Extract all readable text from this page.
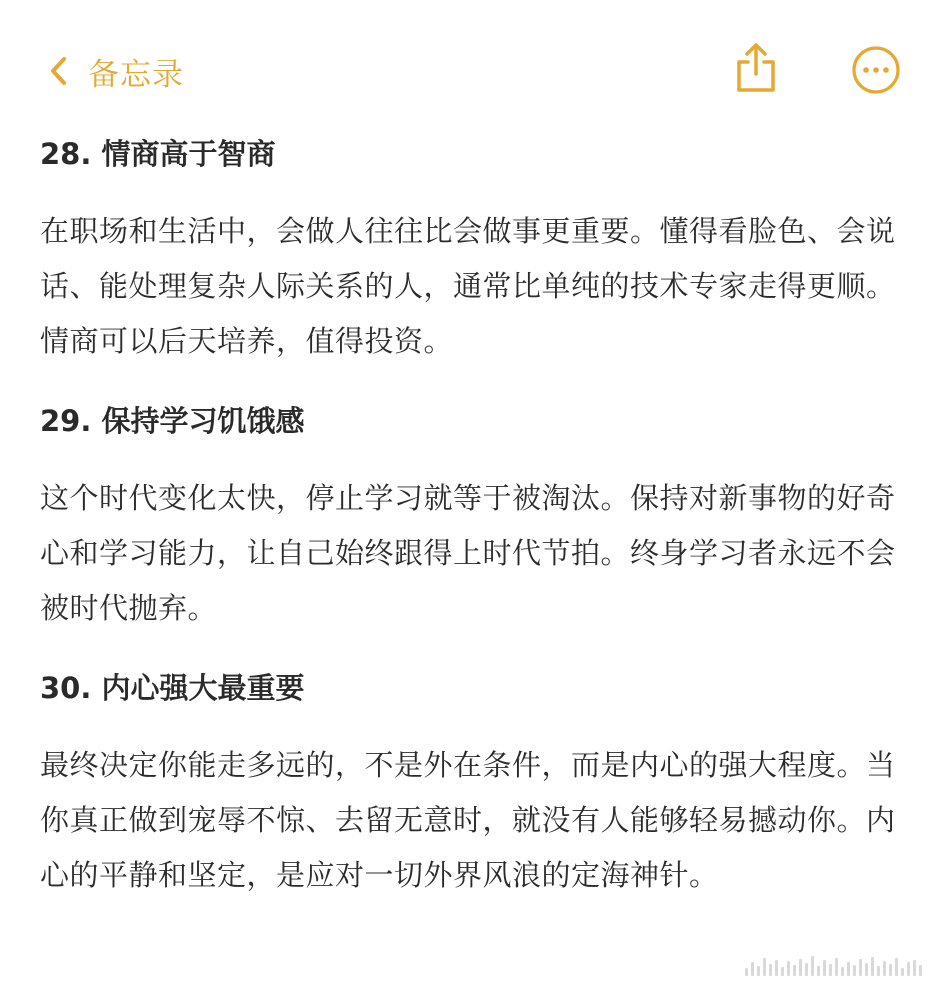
备忘录
28. 情商高于智商
在职场和生活中，会做人往往比会做事更重要。懂得看脸色、会说话、能处理复杂人际关系的人，通常比单纯的技术专家走得更顺。情商可以后天培养，值得投资。
29. 保持学习饥饿感
这个时代变化太快，停止学习就等于被淘汰。保持对新事物的好奇心和学习能力，让自己始终跟得上时代节拍。终身学习者永远不会被时代抛弃。
30. 内心强大最重要
最终决定你能走多远的，不是外在条件，而是内心的强大程度。当你真正做到宠辱不惊、去留无意时，就没有人能够轻易撼动你。内心的平静和坚定，是应对一切外界风浪的定海神针。
